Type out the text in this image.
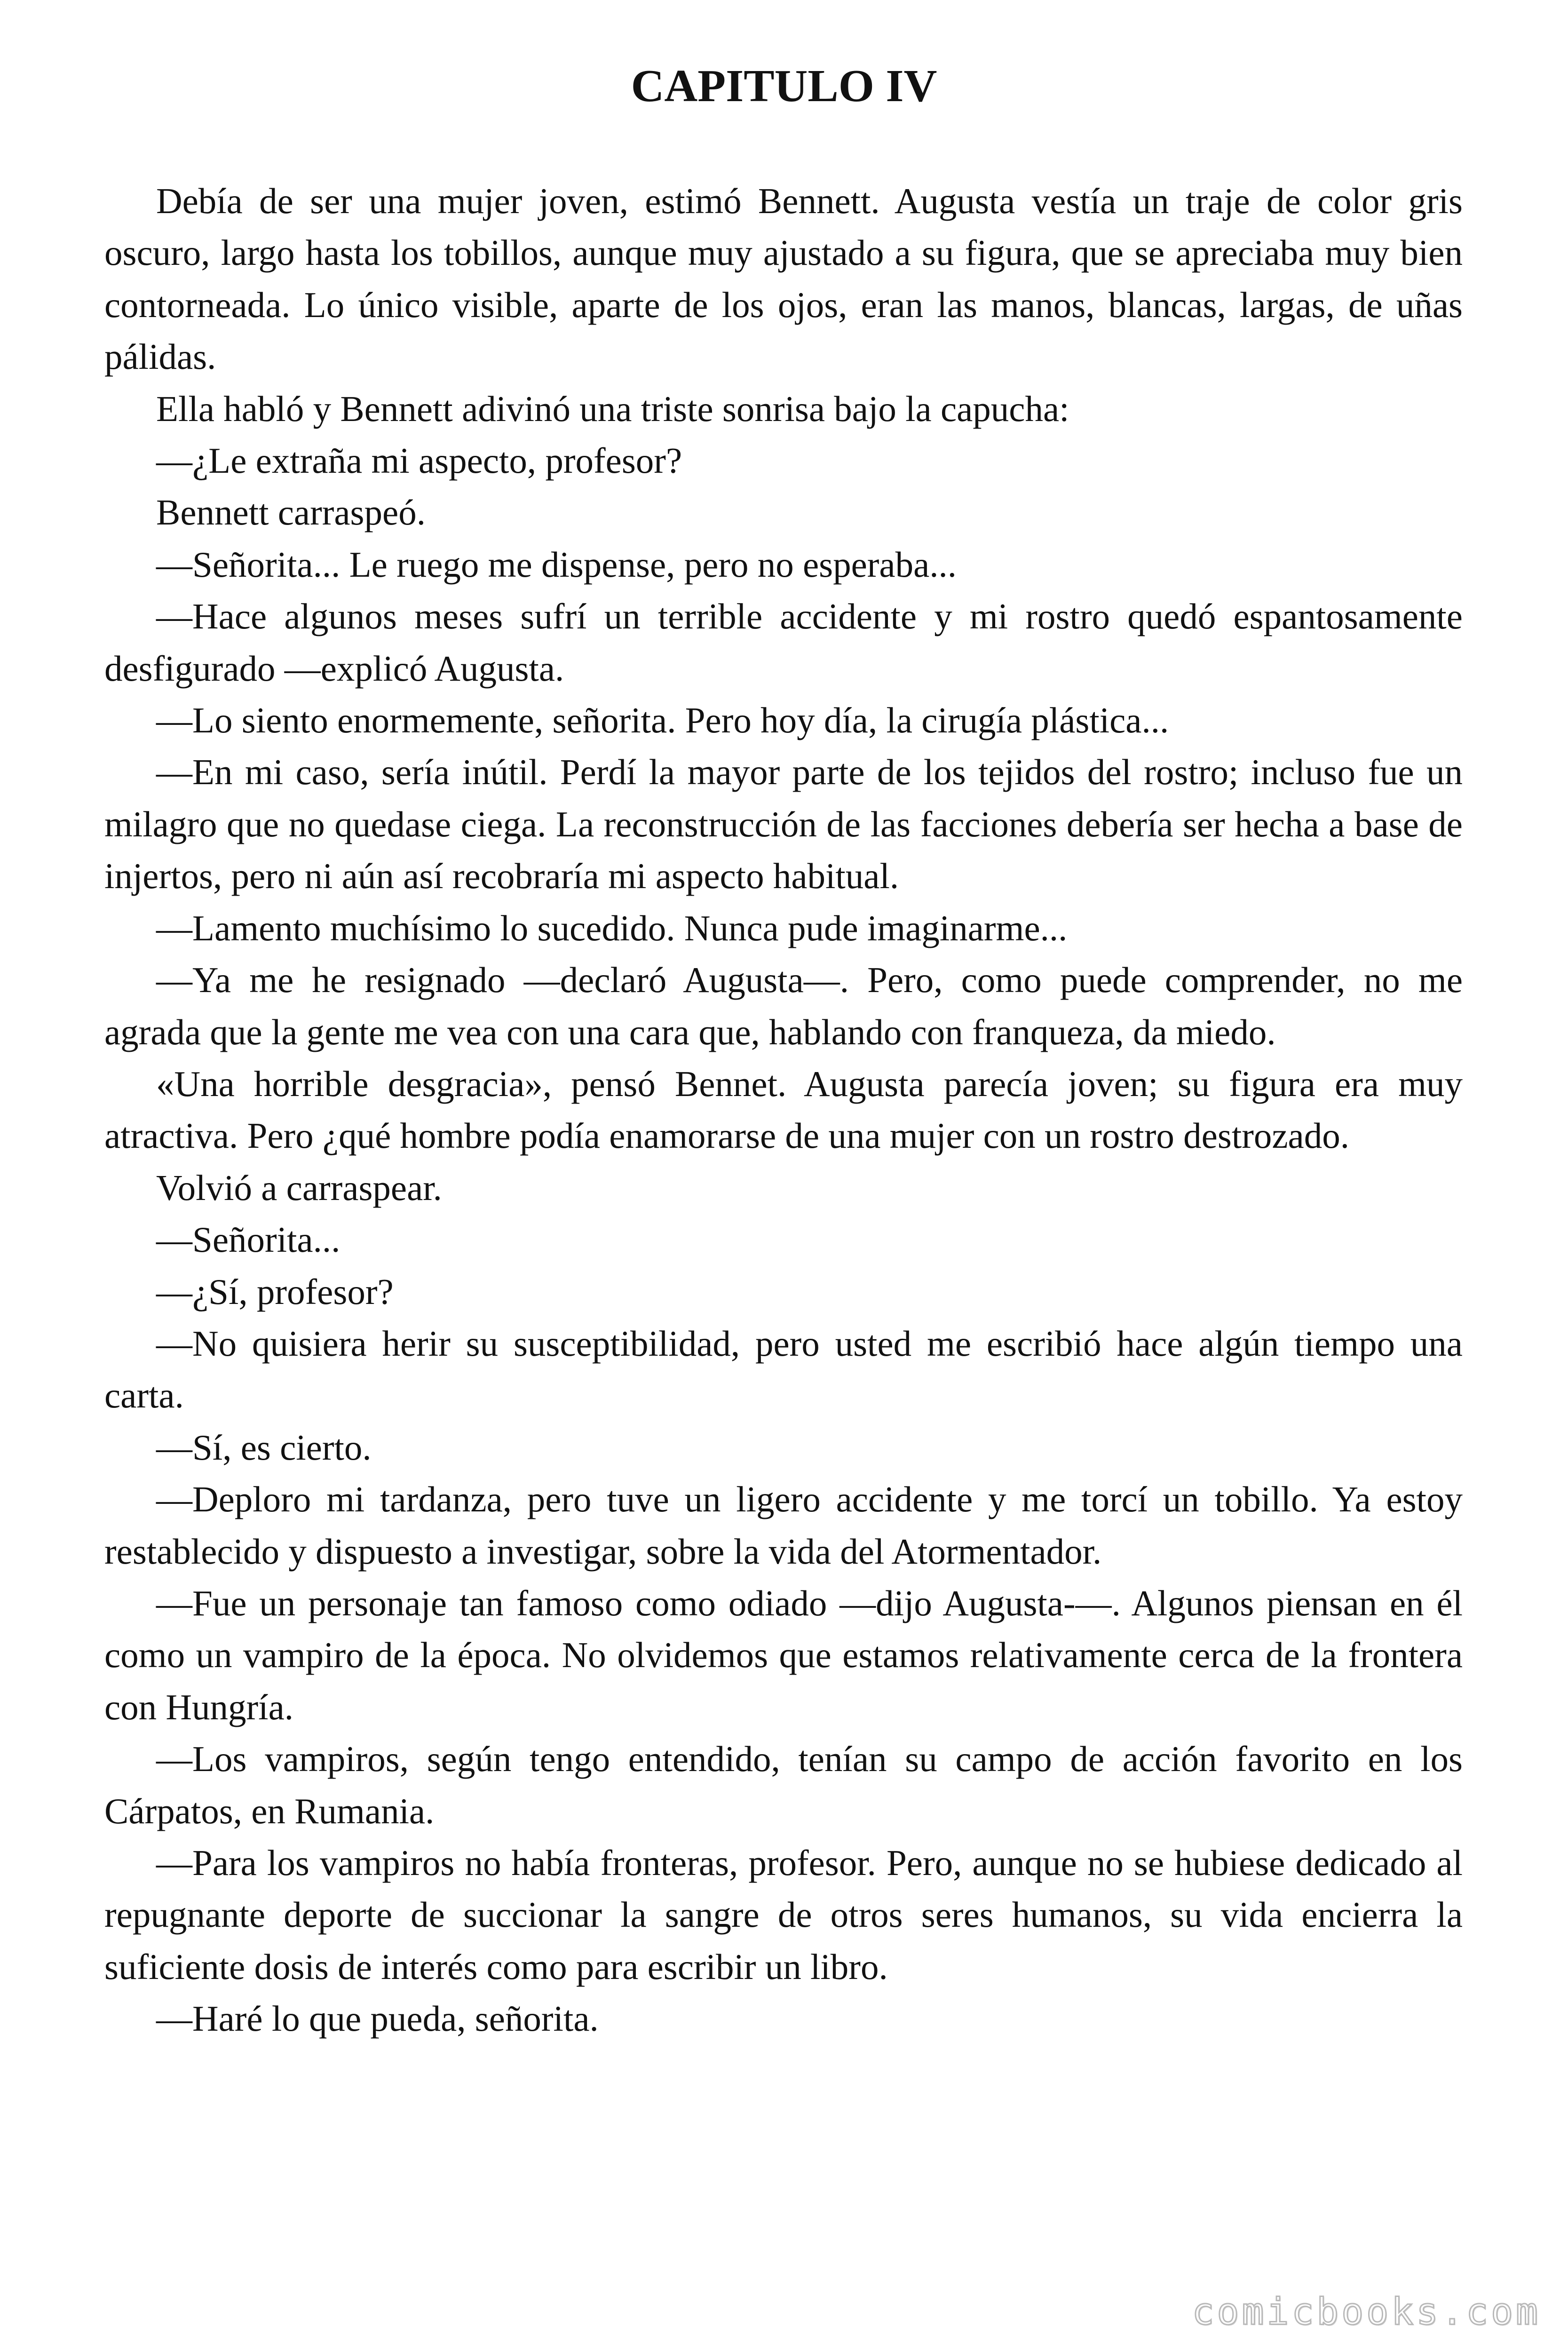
CAPITULO IV

Debía de ser una mujer joven, estimó Bennett. Augusta vestía un traje de color gris oscuro, largo hasta los tobillos, aunque muy ajustado a su figura, que se apreciaba muy bien contorneada. Lo único visible, aparte de los ojos, eran las manos, blancas, largas, de uñas pálidas.

Ella habló y Bennett adivinó una triste sonrisa bajo la capucha:

—¿Le extraña mi aspecto, profesor?

Bennett carraspeó.

—Señorita... Le ruego me dispense, pero no esperaba...

—Hace algunos meses sufrí un terrible accidente y mi rostro quedó espantosamente desfigurado —explicó Augusta.

—Lo siento enormemente, señorita. Pero hoy día, la cirugía plástica...

—En mi caso, sería inútil. Perdí la mayor parte de los tejidos del rostro; incluso fue un milagro que no quedase ciega. La reconstrucción de las facciones debería ser hecha a base de injertos, pero ni aún así recobraría mi aspecto habitual.

—Lamento muchísimo lo sucedido. Nunca pude imaginarme...

—Ya me he resignado —declaró Augusta—. Pero, como puede comprender, no me agrada que la gente me vea con una cara que, hablando con franqueza, da miedo.

«Una horrible desgracia», pensó Bennet. Augusta parecía joven; su figura era muy atractiva. Pero ¿qué hombre podía enamorarse de una mujer con un rostro destrozado.

Volvió a carraspear.

—Señorita...

—¿Sí, profesor?

—No quisiera herir su susceptibilidad, pero usted me escribió hace algún tiempo una carta.

—Sí, es cierto.

—Deploro mi tardanza, pero tuve un ligero accidente y me torcí un tobillo. Ya estoy restablecido y dispuesto a investigar, sobre la vida del Atormentador.

—Fue un personaje tan famoso como odiado —dijo Augusta-—. Algunos piensan en él como un vampiro de la época. No olvidemos que estamos relativamente cerca de la frontera con Hungría.

—Los vampiros, según tengo entendido, tenían su campo de acción favorito en los Cárpatos, en Rumania.

—Para los vampiros no había fronteras, profesor. Pero, aunque no se hubiese dedicado al repugnante deporte de succionar la sangre de otros seres humanos, su vida encierra la suficiente dosis de interés como para escribir un libro.

—Haré lo que pueda, señorita.

comicbooks.com
